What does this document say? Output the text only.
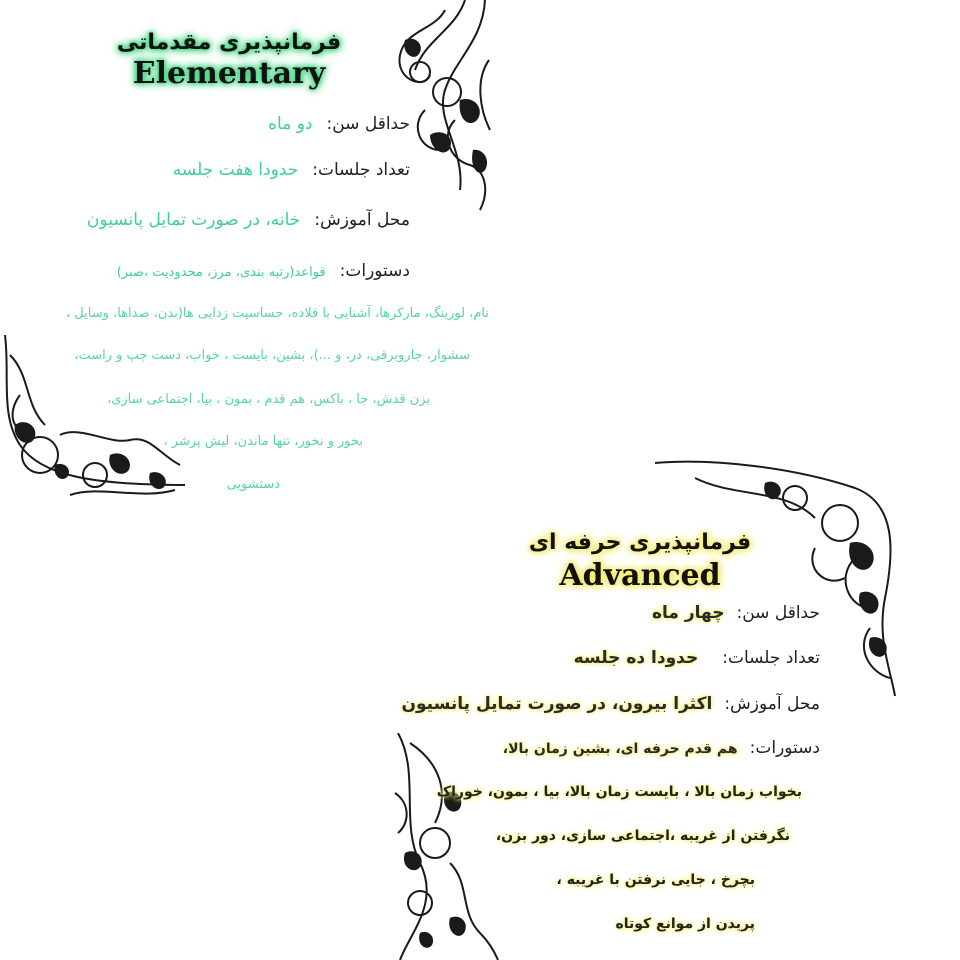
فرمانپذیری مقدماتی
Elementary
حداقل سن:دو ماه
تعداد جلسات:حدودا هفت جلسه
محل آموزش:خانه، در صورت تمایل پانسیون
دستورات:قواعد(رتبه بندی، مرز، محدودیت ،صبر)
نام، لورینگ، مارکرها، آشنایی با قلاده، حساسیت زدایی ها(بدن، صداها، وسایل ،
سشوار، جاروبرقی، در، و ...)، بشین، بایست ، خواب، دست چپ و راست،
بزن قدش، جا ، باکس، هم قدم ، بمون ، بیا، اجتماعی سازی،
بخور و نخور، تنها ماندن، لیش پرشر ،
دستشویی
فرمانپذیری حرفه ای
Advanced
حداقل سن:چهار ماه
تعداد جلسات:حدودا ده جلسه
محل آموزش:اکثرا بیرون، در صورت تمایل پانسیون
دستورات:هم قدم حرفه ای، بشین زمان بالا،
بخواب زمان بالا ، بایست زمان بالا، بیا ، بمون، خوراک
نگرفتن از غریبه ،اجتماعی سازی، دور بزن،
بچرخ ، جایی نرفتن با غریبه ،
پریدن از موانع کوتاه
